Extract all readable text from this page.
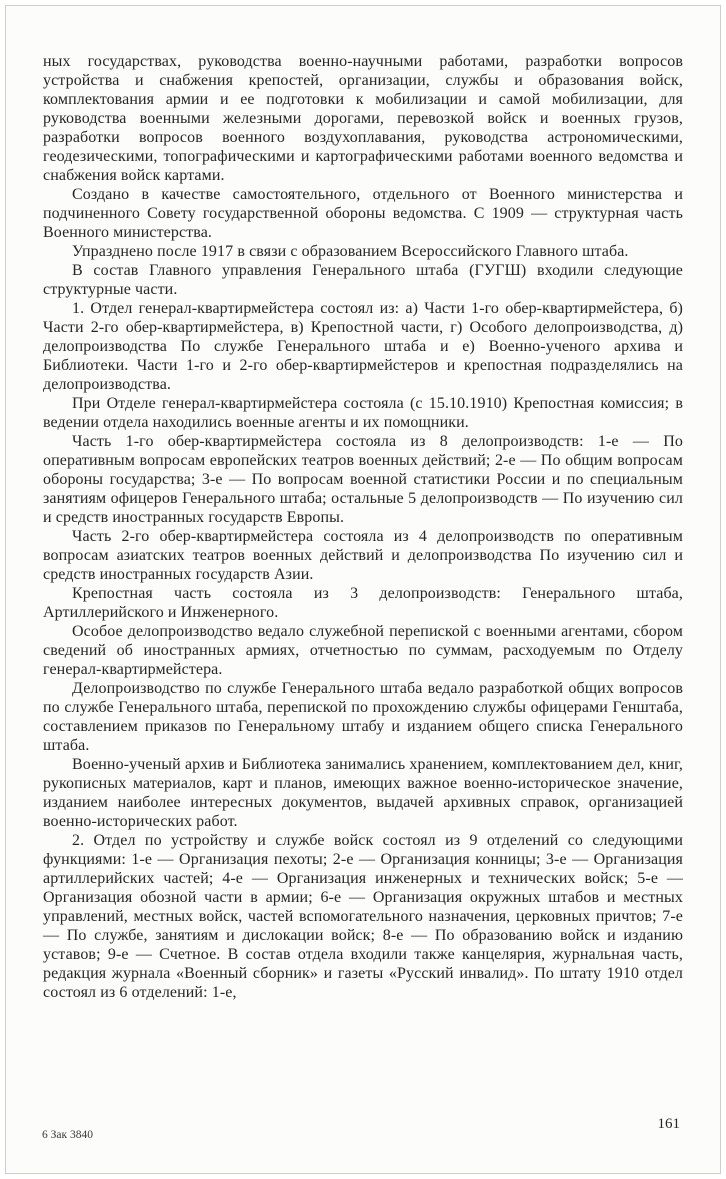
ных государствах, руководства военно-научными работами, разработки вопросов устройства и снабжения крепостей, организации, службы и образования войск, комплектования армии и ее подготовки к мобилизации и самой мобилизации, для руководства военными железными дорогами, перевозкой войск и военных грузов, разработки вопросов военного воздухоплавания, руководства астрономическими, геодезическими, топографическими и картографическими работами военного ведомства и снабжения войск картами.

Создано в качестве самостоятельного, отдельного от Военного министерства и подчиненного Совету государственной обороны ведомства. С 1909 — структурная часть Военного министерства.

Упразднено после 1917 в связи с образованием Всероссийского Главного штаба.

В состав Главного управления Генерального штаба (ГУГШ) входили следующие структурные части.

1. Отдел генерал-квартирмейстера состоял из: а) Части 1-го обер-квартирмейстера, б) Части 2-го обер-квартирмейстера, в) Крепостной части, г) Особого делопроизводства, д) делопроизводства По службе Генерального штаба и е) Военно-ученого архива и Библиотеки. Части 1-го и 2-го обер-квартирмейстеров и крепостная подразделялись на делопроизводства.

При Отделе генерал-квартирмейстера состояла (с 15.10.1910) Крепостная комиссия; в ведении отдела находились военные агенты и их помощники.

Часть 1-го обер-квартирмейстера состояла из 8 делопроизводств: 1-е — По оперативным вопросам европейских театров военных действий; 2-е — По общим вопросам обороны государства; 3-е — По вопросам военной статистики России и по специальным занятиям офицеров Генерального штаба; остальные 5 делопроизводств — По изучению сил и средств иностранных государств Европы.

Часть 2-го обер-квартирмейстера состояла из 4 делопроизводств по оперативным вопросам азиатских театров военных действий и делопроизводства По изучению сил и средств иностранных государств Азии.

Крепостная часть состояла из 3 делопроизводств: Генерального штаба, Артиллерийского и Инженерного.

Особое делопроизводство ведало служебной перепиской с военными агентами, сбором сведений об иностранных армиях, отчетностью по суммам, расходуемым по Отделу генерал-квартирмейстера.

Делопроизводство по службе Генерального штаба ведало разработкой общих вопросов по службе Генерального штаба, перепиской по прохождению службы офицерами Генштаба, составлением приказов по Генеральному штабу и изданием общего списка Генерального штаба.

Военно-ученый архив и Библиотека занимались хранением, комплектованием дел, книг, рукописных материалов, карт и планов, имеющих важное военно-историческое значение, изданием наиболее интересных документов, выдачей архивных справок, организацией военно-исторических работ.

2. Отдел по устройству и службе войск состоял из 9 отделений со следующими функциями: 1-е — Организация пехоты; 2-е — Организация конницы; 3-е — Организация артиллерийских частей; 4-е — Организация инженерных и технических войск; 5-е — Организация обозной части в армии; 6-е — Организация окружных штабов и местных управлений, местных войск, частей вспомогательного назначения, церковных причтов; 7-е — По службе, занятиям и дислокации войск; 8-е — По образованию войск и изданию уставов; 9-е — Счетное. В состав отдела входили также канцелярия, журнальная часть, редакция журнала «Военный сборник» и газеты «Русский инвалид». По штату 1910 отдел состоял из 6 отделений: 1-е,

6 Зак 3840
161
